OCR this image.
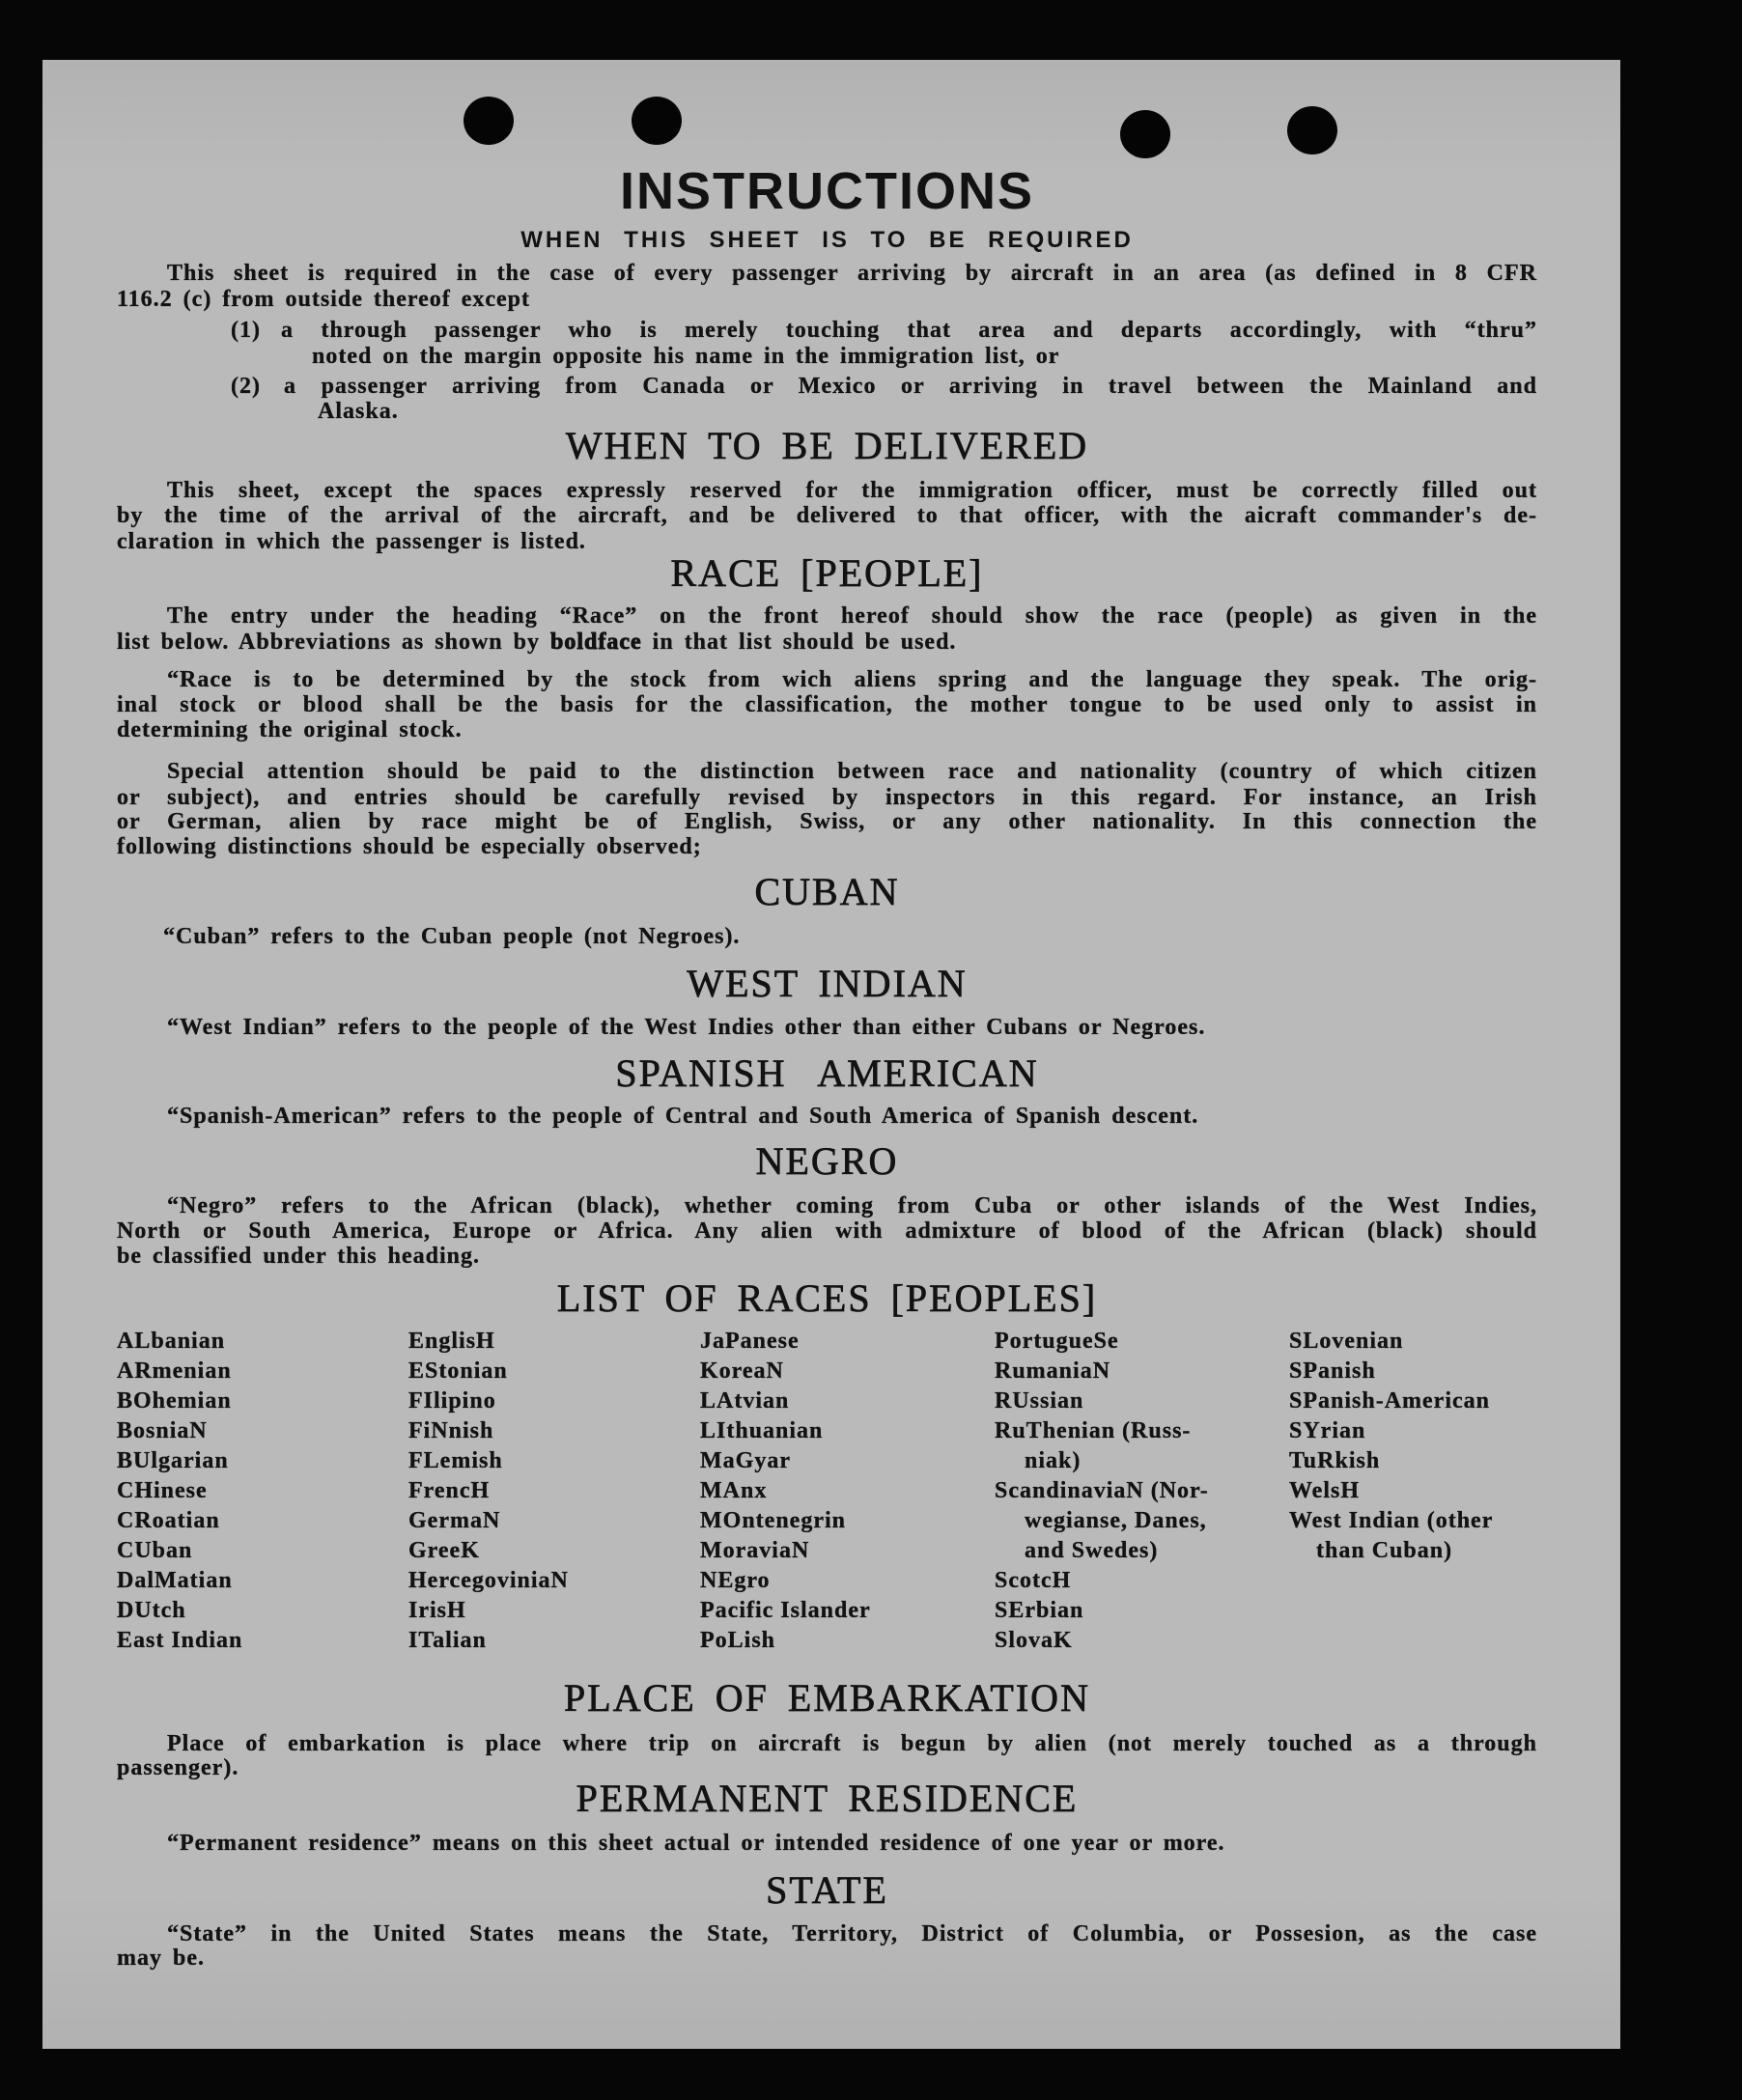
INSTRUCTIONS
WHEN THIS SHEET IS TO BE REQUIRED
This sheet is required in the case of every passenger arriving by aircraft in an area (as defined in 8 CFR
116.2 (c) from outside thereof except
(1) a through passenger who is merely touching that area and departs accordingly, with “thru”
noted on the margin opposite his name in the immigration list, or
(2) a passenger arriving from Canada or Mexico or arriving in travel between the Mainland and
Alaska.
WHEN TO BE DELIVERED
This sheet, except the spaces expressly reserved for the immigration officer, must be correctly filled out
by the time of the arrival of the aircraft, and be delivered to that officer, with the aicraft commander's de-
claration in which the passenger is listed.
RACE [PEOPLE]
The entry under the heading “Race” on the front hereof should show the race (people) as given in the
list below. Abbreviations as shown by boldface in that list should be used.
“Race is to be determined by the stock from wich aliens spring and the language they speak. The orig-
inal stock or blood shall be the basis for the classification, the mother tongue to be used only to assist in
determining the original stock.
Special attention should be paid to the distinction between race and nationality (country of which citizen
or subject), and entries should be carefully revised by inspectors in this regard. For instance, an Irish
or German, alien by race might be of English, Swiss, or any other nationality. In this connection the
following distinctions should be especially observed;
CUBAN
“Cuban” refers to the Cuban people (not Negroes).
WEST INDIAN
“West Indian” refers to the people of the West Indies other than either Cubans or Negroes.
SPANISH AMERICAN
“Spanish-American” refers to the people of Central and South America of Spanish descent.
NEGRO
“Negro” refers to the African (black), whether coming from Cuba or other islands of the West Indies,
North or South America, Europe or Africa. Any alien with admixture of blood of the African (black) should
be classified under this heading.
LIST OF RACES [PEOPLES]
ALbanian
ARmenian
BOhemian
BosniaN
BUlgarian
CHinese
CRoatian
CUban
DalMatian
DUtch
East Indian
EnglisH
EStonian
FIlipino
FiNnish
FLemish
FrencH
GermaN
GreeK
HercegoviniaN
IrisH
ITalian
JaPanese
KoreaN
LAtvian
LIthuanian
MaGyar
MAnx
MOntenegrin
MoraviaN
NEgro
Pacific Islander
PoLish
PortugueSe
RumaniaN
RUssian
RuThenian (Russ-
niak)
ScandinaviaN (Nor-
wegianse, Danes,
and Swedes)
ScotcH
SErbian
SlovaK
SLovenian
SPanish
SPanish-American
SYrian
TuRkish
WelsH
West Indian (other
than Cuban)
PLACE OF EMBARKATION
Place of embarkation is place where trip on aircraft is begun by alien (not merely touched as a through
passenger).
PERMANENT RESIDENCE
“Permanent residence” means on this sheet actual or intended residence of one year or more.
STATE
“State” in the United States means the State, Territory, District of Columbia, or Possesion, as the case
may be.
